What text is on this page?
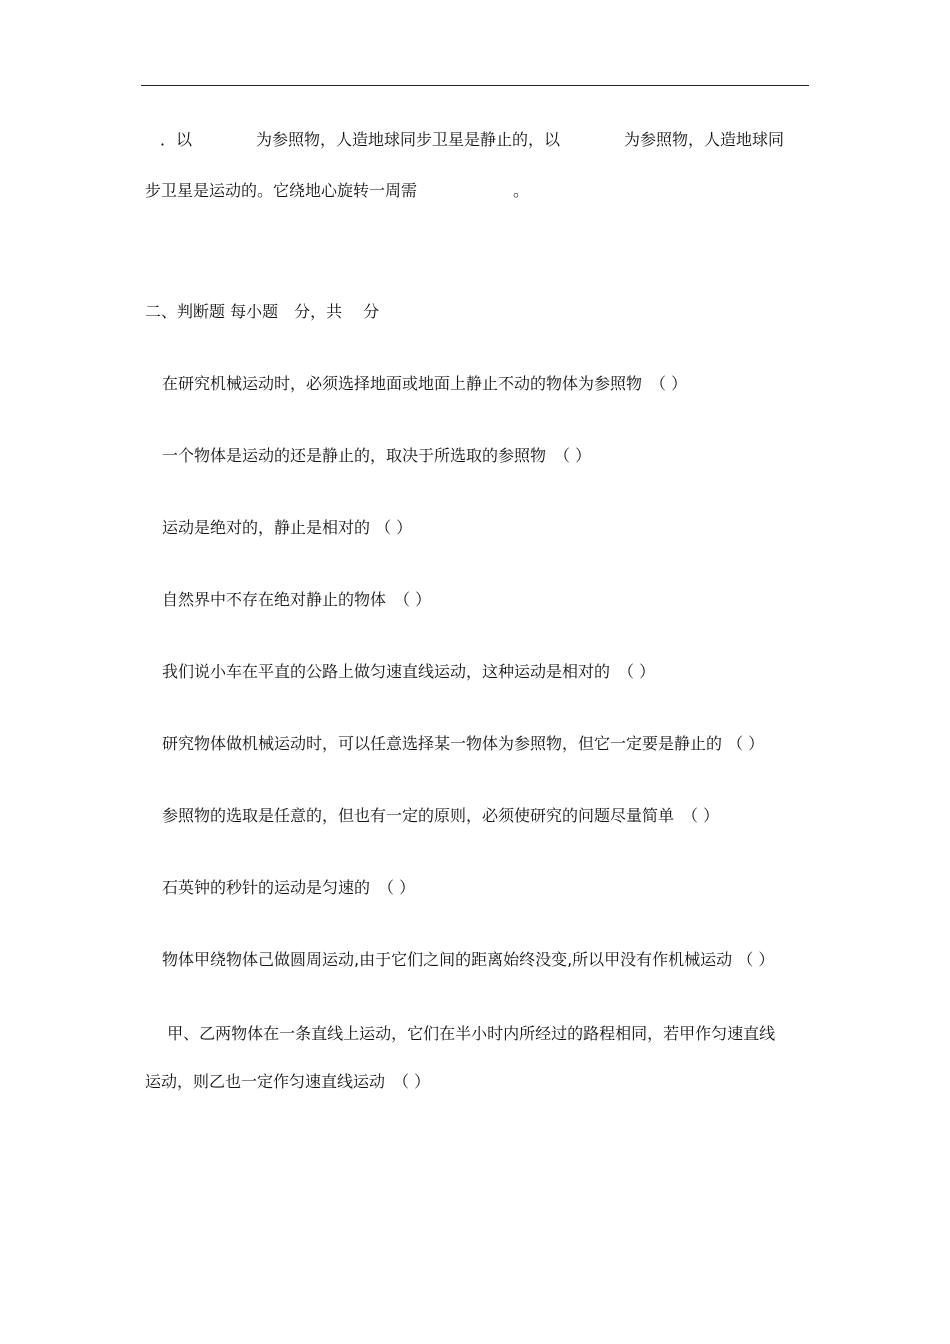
．以　　　　为参照物，人造地球同步卫星是静止的，以　　　　为参照物，人造地球同
步卫星是运动的。它绕地心旋转一周需　　　　　　。
二、判断题 每小题　分，共　 分
在研究机械运动时，必须选择地面或地面上静止不动的物体为参照物　（ ）
一个物体是运动的还是静止的，取决于所选取的参照物　（ ）
运动是绝对的，静止是相对的 （ ）
自然界中不存在绝对静止的物体　（ ）
我们说小车在平直的公路上做匀速直线运动，这种运动是相对的　（ ）
研究物体做机械运动时，可以任意选择某一物体为参照物，但它一定要是静止的 （ ）
参照物的选取是任意的，但也有一定的原则，必须使研究的问题尽量简单　（ ）
石英钟的秒针的运动是匀速的　（ ）
物体甲绕物体己做圆周运动,由于它们之间的距离始终没变,所以甲没有作机械运动 （ ）
甲、乙两物体在一条直线上运动，它们在半小时内所经过的路程相同，若甲作匀速直线
运动，则乙也一定作匀速直线运动　（ ）
